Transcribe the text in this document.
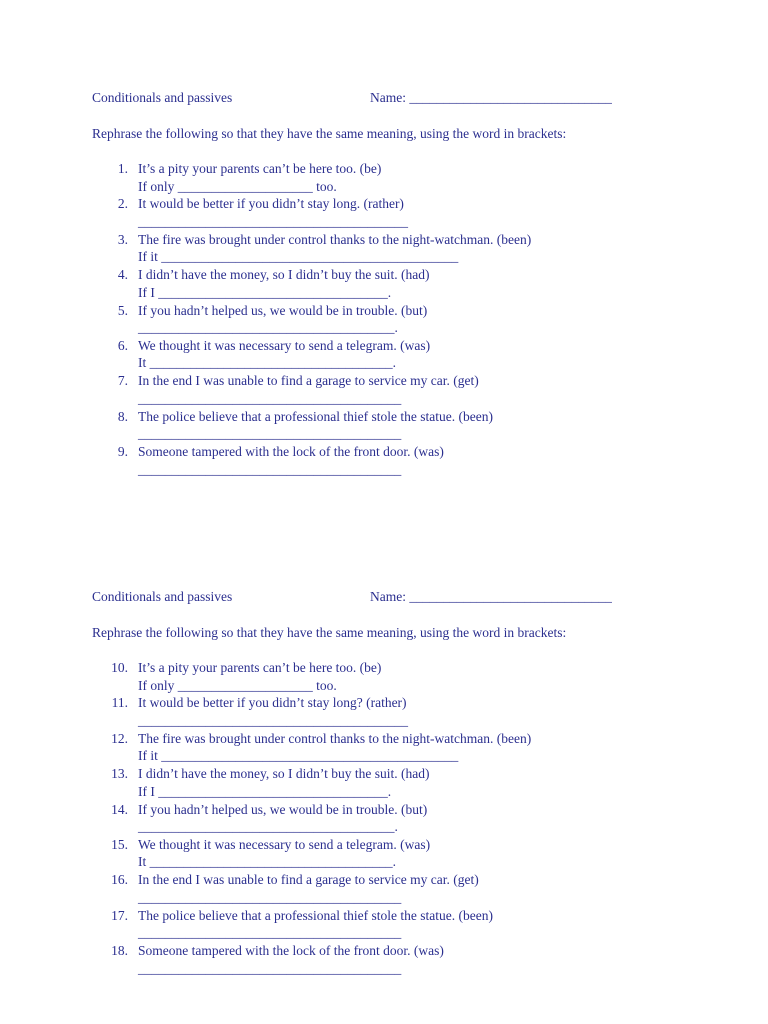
Conditionals and passives	Name: ______________________________
Rephrase the following so that they have the same meaning, using the word in brackets:
1. It’s a pity your parents can’t be here too. (be)
If only ____________________ too.
2. It would be better if you didn’t stay long. (rather)
________________________________________
3. The fire was brought under control thanks to the night-watchman. (been)
If it ____________________________________________
4. I didn’t have the money, so I didn’t buy the suit. (had)
If I __________________________________.
5. If you hadn’t helped us, we would be in trouble. (but)
______________________________________.
6. We thought it was necessary to send a telegram. (was)
It ____________________________________.
7. In the end I was unable to find a garage to service my car. (get)
_______________________________________
8. The police believe that a professional thief stole the statue. (been)
_______________________________________
9. Someone tampered with the lock of the front door. (was)
_______________________________________
Conditionals and passives	Name: ______________________________
Rephrase the following so that they have the same meaning, using the word in brackets:
10. It’s a pity your parents can’t be here too. (be)
If only ____________________ too.
11. It would be better if you didn’t stay long? (rather)
________________________________________
12. The fire was brought under control thanks to the night-watchman. (been)
If it ____________________________________________
13. I didn’t have the money, so I didn’t buy the suit. (had)
If I __________________________________.
14. If you hadn’t helped us, we would be in trouble. (but)
______________________________________.
15. We thought it was necessary to send a telegram. (was)
It ____________________________________.
16. In the end I was unable to find a garage to service my car. (get)
_______________________________________
17. The police believe that a professional thief stole the statue. (been)
_______________________________________
18. Someone tampered with the lock of the front door. (was)
_______________________________________
